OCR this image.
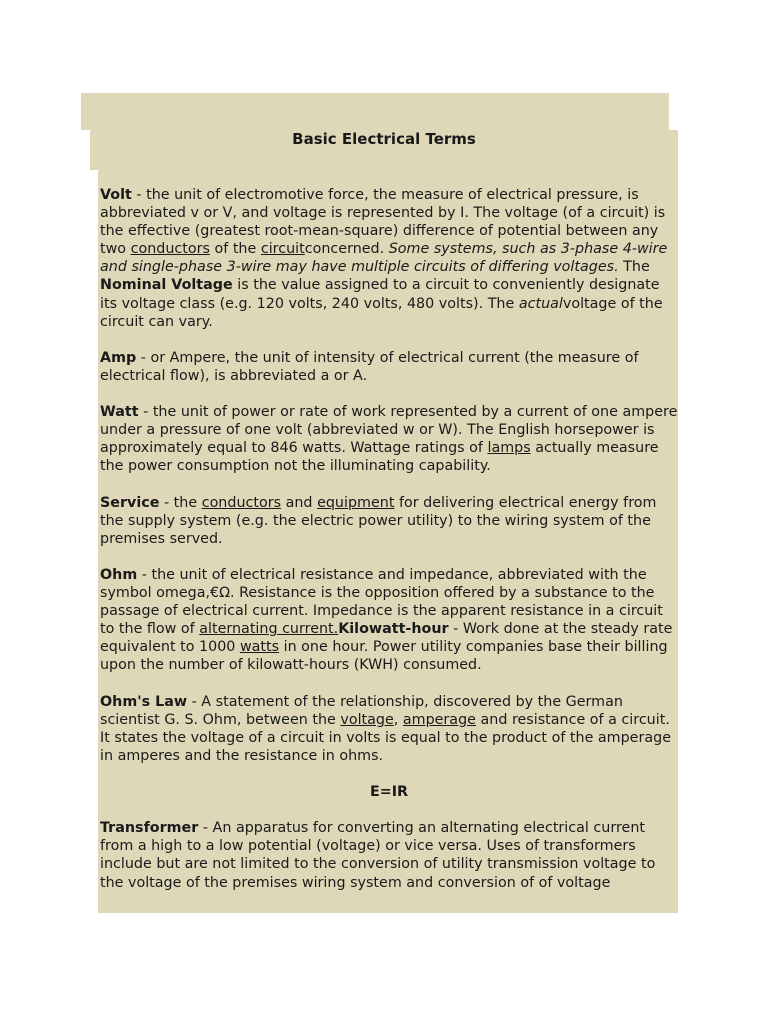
Basic Electrical Terms

Volt - the unit of electromotive force, the measure of electrical pressure, is abbreviated v or V, and voltage is represented by I. The voltage (of a circuit) is the effective (greatest root-mean-square) difference of potential between any two conductors of the circuitconcerned. Some systems, such as 3-phase 4-wire and single-phase 3-wire may have multiple circuits of differing voltages. The Nominal Voltage is the value assigned to a circuit to conveniently designate its voltage class (e.g. 120 volts, 240 volts, 480 volts). The actualvoltage of the circuit can vary.

Amp - or Ampere, the unit of intensity of electrical current (the measure of electrical flow), is abbreviated a or A.

Watt - the unit of power or rate of work represented by a current of one ampere under a pressure of one volt (abbreviated w or W). The English horsepower is approximately equal to 846 watts. Wattage ratings of lamps actually measure the power consumption not the illuminating capability.

Service - the conductors and equipment for delivering electrical energy from the supply system (e.g. the electric power utility) to the wiring system of the premises served.

Ohm - the unit of electrical resistance and impedance, abbreviated with the symbol omega,€Ω. Resistance is the opposition offered by a substance to the passage of electrical current. Impedance is the apparent resistance in a circuit to the flow of alternating current.Kilowatt-hour - Work done at the steady rate equivalent to 1000 watts in one hour. Power utility companies base their billing upon the number of kilowatt-hours (KWH) consumed.

Ohm's Law - A statement of the relationship, discovered by the German scientist G. S. Ohm, between the voltage, amperage and resistance of a circuit. It states the voltage of a circuit in volts is equal to the product of the amperage in amperes and the resistance in ohms.

E=IR

Transformer - An apparatus for converting an alternating electrical current from a high to a low potential (voltage) or vice versa. Uses of transformers include but are not limited to the conversion of utility transmission voltage to the voltage of the premises wiring system and conversion of of voltage
